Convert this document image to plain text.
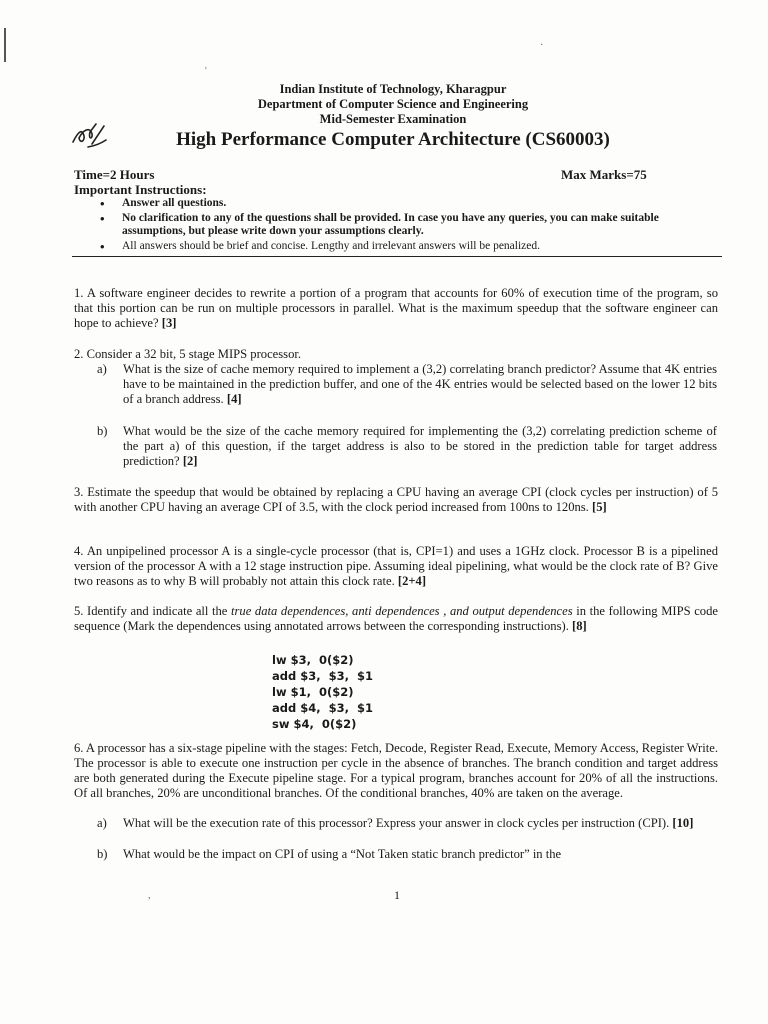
'
·
Indian Institute of Technology, Kharagpur
Department of Computer Science and Engineering
Mid-Semester Examination
High Performance Computer Architecture (CS60003)
Time=2 Hours	Max Marks=75
Important Instructions:
• Answer all questions.
• No clarification to any of the questions shall be provided. In case you have any queries, you can make suitable assumptions, but please write down your assumptions clearly.
• All answers should be brief and concise. Lengthy and irrelevant answers will be penalized.
1. A software engineer decides to rewrite a portion of a program that accounts for 60% of execution time of the program, so that this portion can be run on multiple processors in parallel. What is the maximum speedup that the software engineer can hope to achieve? [3]
2. Consider a 32 bit, 5 stage MIPS processor.
a) What is the size of cache memory required to implement a (3,2) correlating branch predictor? Assume that 4K entries have to be maintained in the prediction buffer, and one of the 4K entries would be selected based on the lower 12 bits of a branch address. [4]
b) What would be the size of the cache memory required for implementing the (3,2) correlating prediction scheme of the part a) of this question, if the target address is also to be stored in the prediction table for target address prediction? [2]
3. Estimate the speedup that would be obtained by replacing a CPU having an average CPI (clock cycles per instruction) of 5 with another CPU having an average CPI of 3.5, with the clock period increased from 100ns to 120ns. [5]
4. An unpipelined processor A is a single-cycle processor (that is, CPI=1) and uses a 1GHz clock. Processor B is a pipelined version of the processor A with a 12 stage instruction pipe. Assuming ideal pipelining, what would be the clock rate of B? Give two reasons as to why B will probably not attain this clock rate. [2+4]
5. Identify and indicate all the true data dependences, anti dependences , and output dependences in the following MIPS code sequence (Mark the dependences using annotated arrows between the corresponding instructions). [8]
lw $3,  0($2)
add $3,  $3,  $1
lw $1,  0($2)
add $4,  $3,  $1
sw $4,  0($2)
6. A processor has a six-stage pipeline with the stages: Fetch, Decode, Register Read, Execute, Memory Access, Register Write. The processor is able to execute one instruction per cycle in the absence of branches. The branch condition and target address are both generated during the Execute pipeline stage. For a typical program, branches account for 20% of all the instructions. Of all branches, 20% are unconditional branches. Of the conditional branches, 40% are taken on the average.
a) What will be the execution rate of this processor? Express your answer in clock cycles per instruction (CPI). [10]
b) What would be the impact on CPI of using a “Not Taken static branch predictor” in the
,	1
